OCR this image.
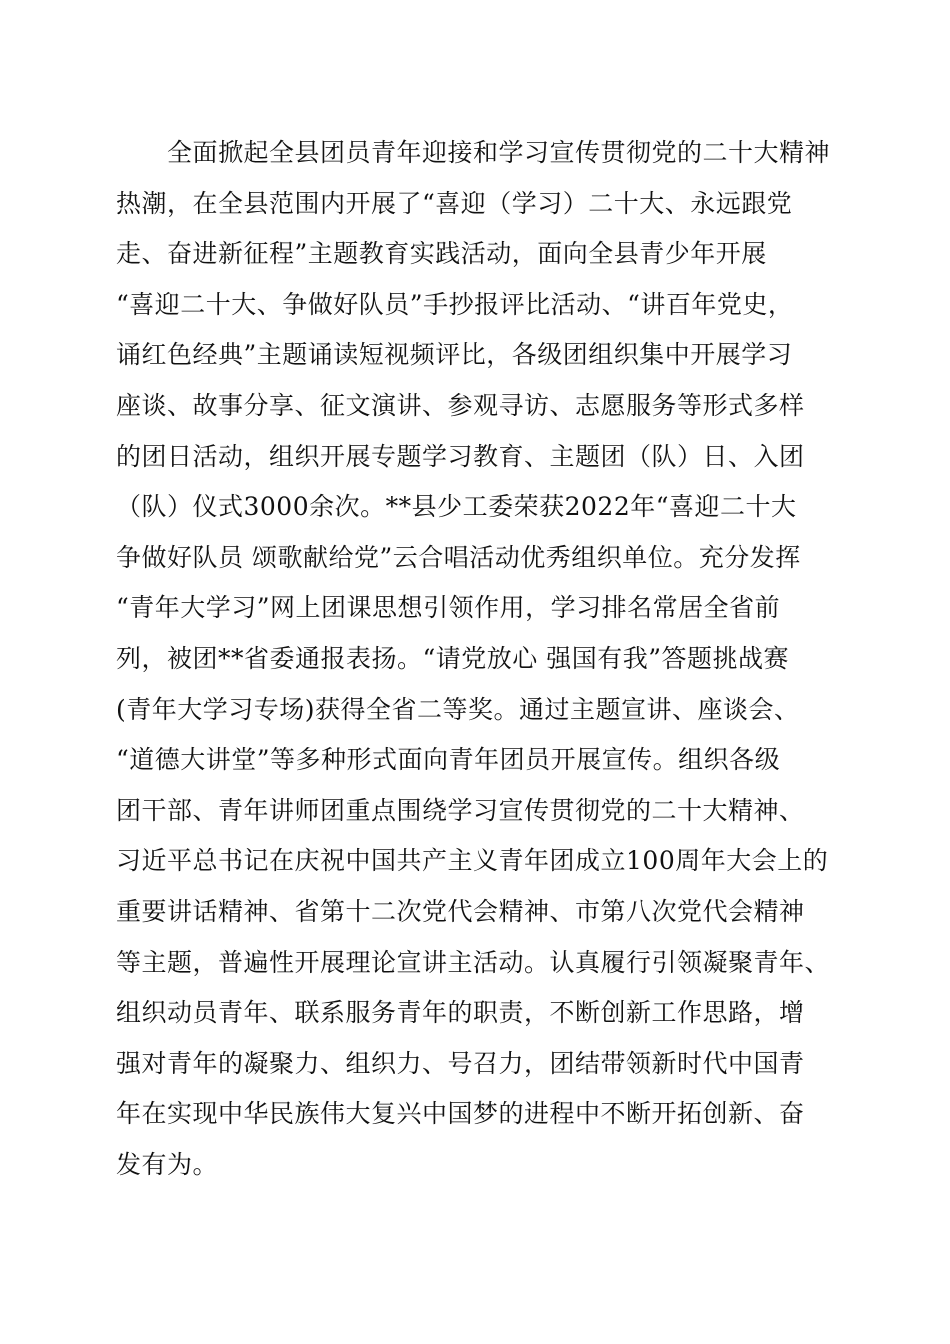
　　全面掀起全县团员青年迎接和学习宣传贯彻党的二十大精神
热潮，在全县范围内开展了“喜迎（学习）二十大、永远跟党
走、奋进新征程”主题教育实践活动，面向全县青少年开展
“喜迎二十大、争做好队员”手抄报评比活动、“讲百年党史，
诵红色经典”主题诵读短视频评比，各级团组织集中开展学习
座谈、故事分享、征文演讲、参观寻访、志愿服务等形式多样
的团日活动，组织开展专题学习教育、主题团（队）日、入团
（队）仪式3000余次。**县少工委荣获2022年“喜迎二十大
争做好队员 颂歌献给党”云合唱活动优秀组织单位。充分发挥
“青年大学习”网上团课思想引领作用，学习排名常居全省前
列，被团**省委通报表扬。“请党放心 强国有我”答题挑战赛
(青年大学习专场)获得全省二等奖。通过主题宣讲、座谈会、
“道德大讲堂”等多种形式面向青年团员开展宣传。组织各级
团干部、青年讲师团重点围绕学习宣传贯彻党的二十大精神、
习近平总书记在庆祝中国共产主义青年团成立100周年大会上的
重要讲话精神、省第十二次党代会精神、市第八次党代会精神
等主题，普遍性开展理论宣讲主活动。认真履行引领凝聚青年、
组织动员青年、联系服务青年的职责，不断创新工作思路，增
强对青年的凝聚力、组织力、号召力，团结带领新时代中国青
年在实现中华民族伟大复兴中国梦的进程中不断开拓创新、奋
发有为。
